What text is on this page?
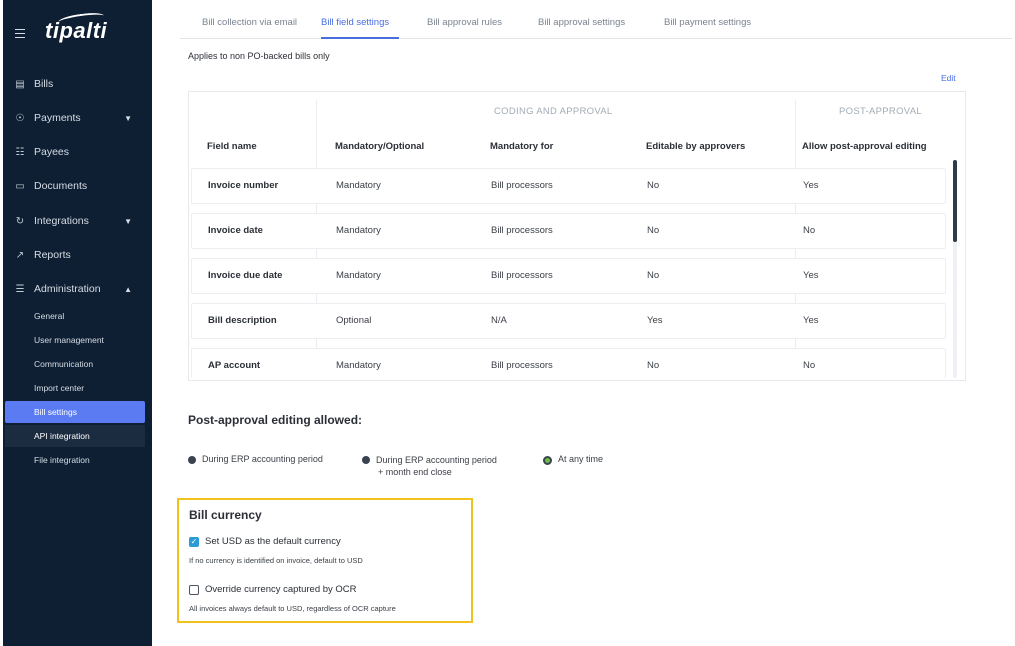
tipalti
▤ Bills
☉ Payments	▼
☷ Payees
▭ Documents
↻ Integrations	▼
↗ Reports
☰ Administration	▲
General
User management
Communication
Import center
Bill settings
API integration
File integration
Bill collection via email	Bill field settings	Bill approval rules	Bill approval settings	Bill payment settings
Applies to non PO-backed bills only
Edit
CODING AND APPROVAL	POST-APPROVAL
Field name	Mandatory/Optional	Mandatory for	Editable by approvers	Allow post-approval editing
Invoice number	Mandatory	Bill processors	No	Yes
Invoice date	Mandatory	Bill processors	No	No
Invoice due date	Mandatory	Bill processors	No	Yes
Bill description	Optional	N/A	Yes	Yes
AP account	Mandatory	Bill processors	No	No
Post-approval editing allowed:
During ERP accounting period	During ERP accounting period
+ month end close
At any time
Bill currency
✓ Set USD as the default currency
If no currency is identified on invoice, default to USD
Override currency captured by OCR
All invoices always default to USD, regardless of OCR capture
